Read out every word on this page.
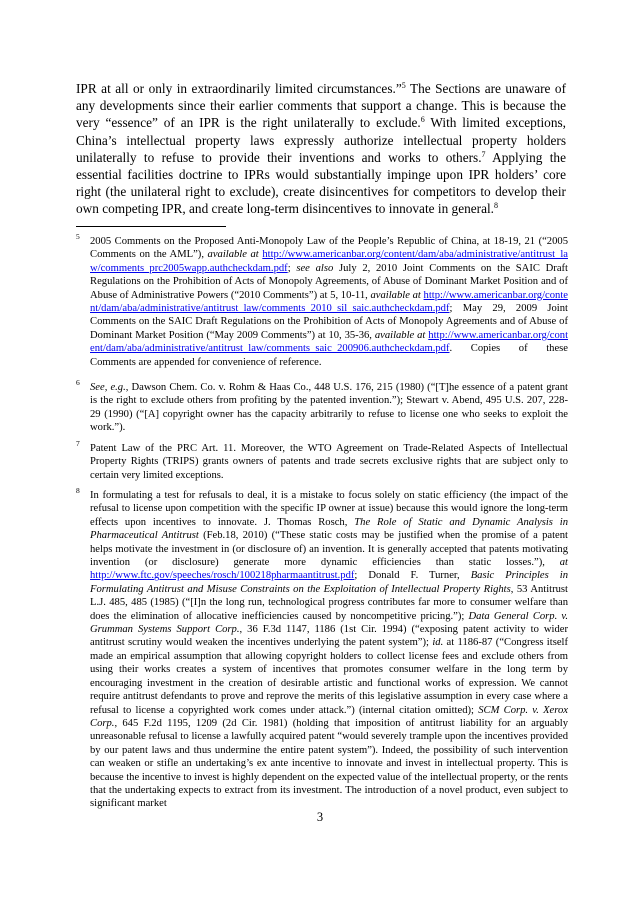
IPR at all or only in extraordinarily limited circumstances.”$^5$ The Sections are unaware of any developments since their earlier comments that support a change. This is because the very “essence” of an IPR is the right unilaterally to exclude.$^6$ With limited exceptions, China’s intellectual property laws expressly authorize intellectual property holders unilaterally to refuse to provide their inventions and works to others.$^7$ Applying the essential facilities doctrine to IPRs would substantially impinge upon IPR holders’ core right (the unilateral right to exclude), create disincentives for competitors to develop their own competing IPR, and create long-term disincentives to innovate in general.$^8$

5 2005 Comments on the Proposed Anti-Monopoly Law of the People’s Republic of China, at 18-19, 21 (“2005 Comments on the AML”), available at http://www.americanbar.org/content/dam/aba/administrative/antitrust_law/comments_prc2005wapp.authcheckdam.pdf; see also July 2, 2010 Joint Comments on the SAIC Draft Regulations on the Prohibition of Acts of Monopoly Agreements, of Abuse of Dominant Market Position and of Abuse of Administrative Powers (“2010 Comments”) at 5, 10-11, available at http://www.americanbar.org/content/dam/aba/administrative/antitrust_law/comments_2010_sil_saic.authcheckdam.pdf; May 29, 2009 Joint Comments on the SAIC Draft Regulations on the Prohibition of Acts of Monopoly Agreements and of Abuse of Dominant Market Position (“May 2009 Comments”) at 10, 35-36, available at http://www.americanbar.org/content/dam/aba/administrative/antitrust_law/comments_saic_200906.authcheckdam.pdf. Copies of these Comments are appended for convenience of reference.
6 See, e.g., Dawson Chem. Co. v. Rohm & Haas Co., 448 U.S. 176, 215 (1980) (“[T]he essence of a patent grant is the right to exclude others from profiting by the patented invention.”); Stewart v. Abend, 495 U.S. 207, 228-29 (1990) (“[A] copyright owner has the capacity arbitrarily to refuse to license one who seeks to exploit the work.”).
7 Patent Law of the PRC Art. 11. Moreover, the WTO Agreement on Trade-Related Aspects of Intellectual Property Rights (TRIPS) grants owners of patents and trade secrets exclusive rights that are subject only to certain very limited exceptions.
8 In formulating a test for refusals to deal, it is a mistake to focus solely on static efficiency (the impact of the refusal to license upon competition with the specific IP owner at issue) because this would ignore the long-term effects upon incentives to innovate. J. Thomas Rosch, The Role of Static and Dynamic Analysis in Pharmaceutical Antitrust (Feb.18, 2010) (“These static costs may be justified when the promise of a patent helps motivate the investment in (or disclosure of) an invention. It is generally accepted that patents motivating invention (or disclosure) generate more dynamic efficiencies than static losses.”), at http://www.ftc.gov/speeches/rosch/100218pharmaantitrust.pdf; Donald F. Turner, Basic Principles in Formulating Antitrust and Misuse Constraints on the Exploitation of Intellectual Property Rights, 53 Antitrust L.J. 485, 485 (1985) (“[I]n the long run, technological progress contributes far more to consumer welfare than does the elimination of allocative inefficiencies caused by noncompetitive pricing.”); Data General Corp. v. Grumman Systems Support Corp., 36 F.3d 1147, 1186 (1st Cir. 1994) (“exposing patent activity to wider antitrust scrutiny would weaken the incentives underlying the patent system”); id. at 1186-87 (“Congress itself made an empirical assumption that allowing copyright holders to collect license fees and exclude others from using their works creates a system of incentives that promotes consumer welfare in the long term by encouraging investment in the creation of desirable artistic and functional works of expression. We cannot require antitrust defendants to prove and reprove the merits of this legislative assumption in every case where a refusal to license a copyrighted work comes under attack.”) (internal citation omitted); SCM Corp. v. Xerox Corp., 645 F.2d 1195, 1209 (2d Cir. 1981) (holding that imposition of antitrust liability for an arguably unreasonable refusal to license a lawfully acquired patent “would severely trample upon the incentives provided by our patent laws and thus undermine the entire patent system”). Indeed, the possibility of such intervention can weaken or stifle an undertaking’s ex ante incentive to innovate and invest in intellectual property. This is because the incentive to invest is highly dependent on the expected value of the intellectual property, or the rents that the undertaking expects to extract from its investment. The introduction of a novel product, even subject to significant market
3
